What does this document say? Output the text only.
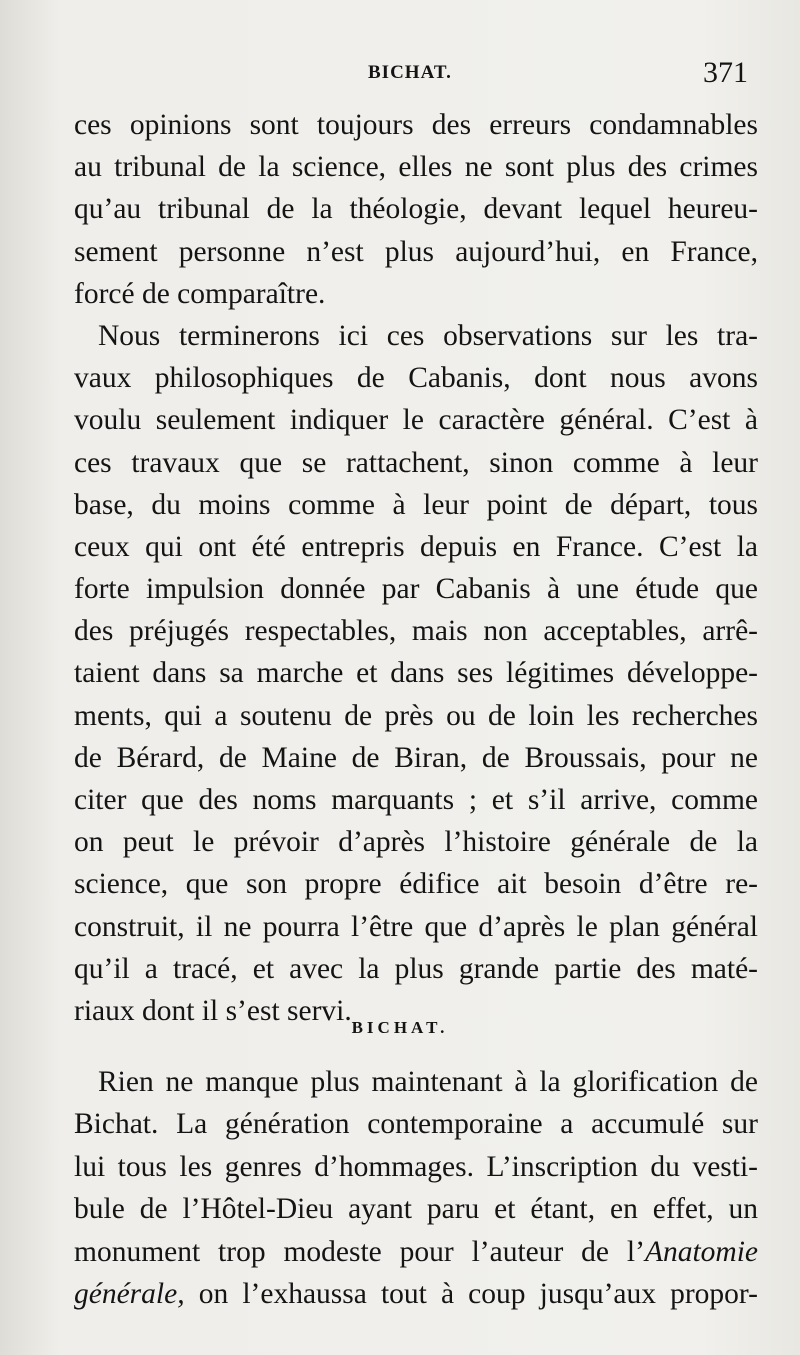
BICHAT.	371
ces opinions sont toujours des erreurs condamnables
au tribunal de la science, elles ne sont plus des crimes
qu’au tribunal de la théologie, devant lequel heureu-
sement personne n’est plus aujourd’hui, en France,
forcé de comparaître.
Nous terminerons ici ces observations sur les tra-
vaux philosophiques de Cabanis, dont nous avons
voulu seulement indiquer le caractère général. C’est à
ces travaux que se rattachent, sinon comme à leur
base, du moins comme à leur point de départ, tous
ceux qui ont été entrepris depuis en France. C’est la
forte impulsion donnée par Cabanis à une étude que
des préjugés respectables, mais non acceptables, arrê-
taient dans sa marche et dans ses légitimes développe-
ments, qui a soutenu de près ou de loin les recherches
de Bérard, de Maine de Biran, de Broussais, pour ne
citer que des noms marquants ; et s’il arrive, comme
on peut le prévoir d’après l’histoire générale de la
science, que son propre édifice ait besoin d’être re-
construit, il ne pourra l’être que d’après le plan général
qu’il a tracé, et avec la plus grande partie des maté-
riaux dont il s’est servi.
BICHAT.
Rien ne manque plus maintenant à la glorification de
Bichat. La génération contemporaine a accumulé sur
lui tous les genres d’hommages. L’inscription du vesti-
bule de l’Hôtel-Dieu ayant paru et étant, en effet, un
monument trop modeste pour l’auteur de l’Anatomie
générale, on l’exhaussa tout à coup jusqu’aux propor-
